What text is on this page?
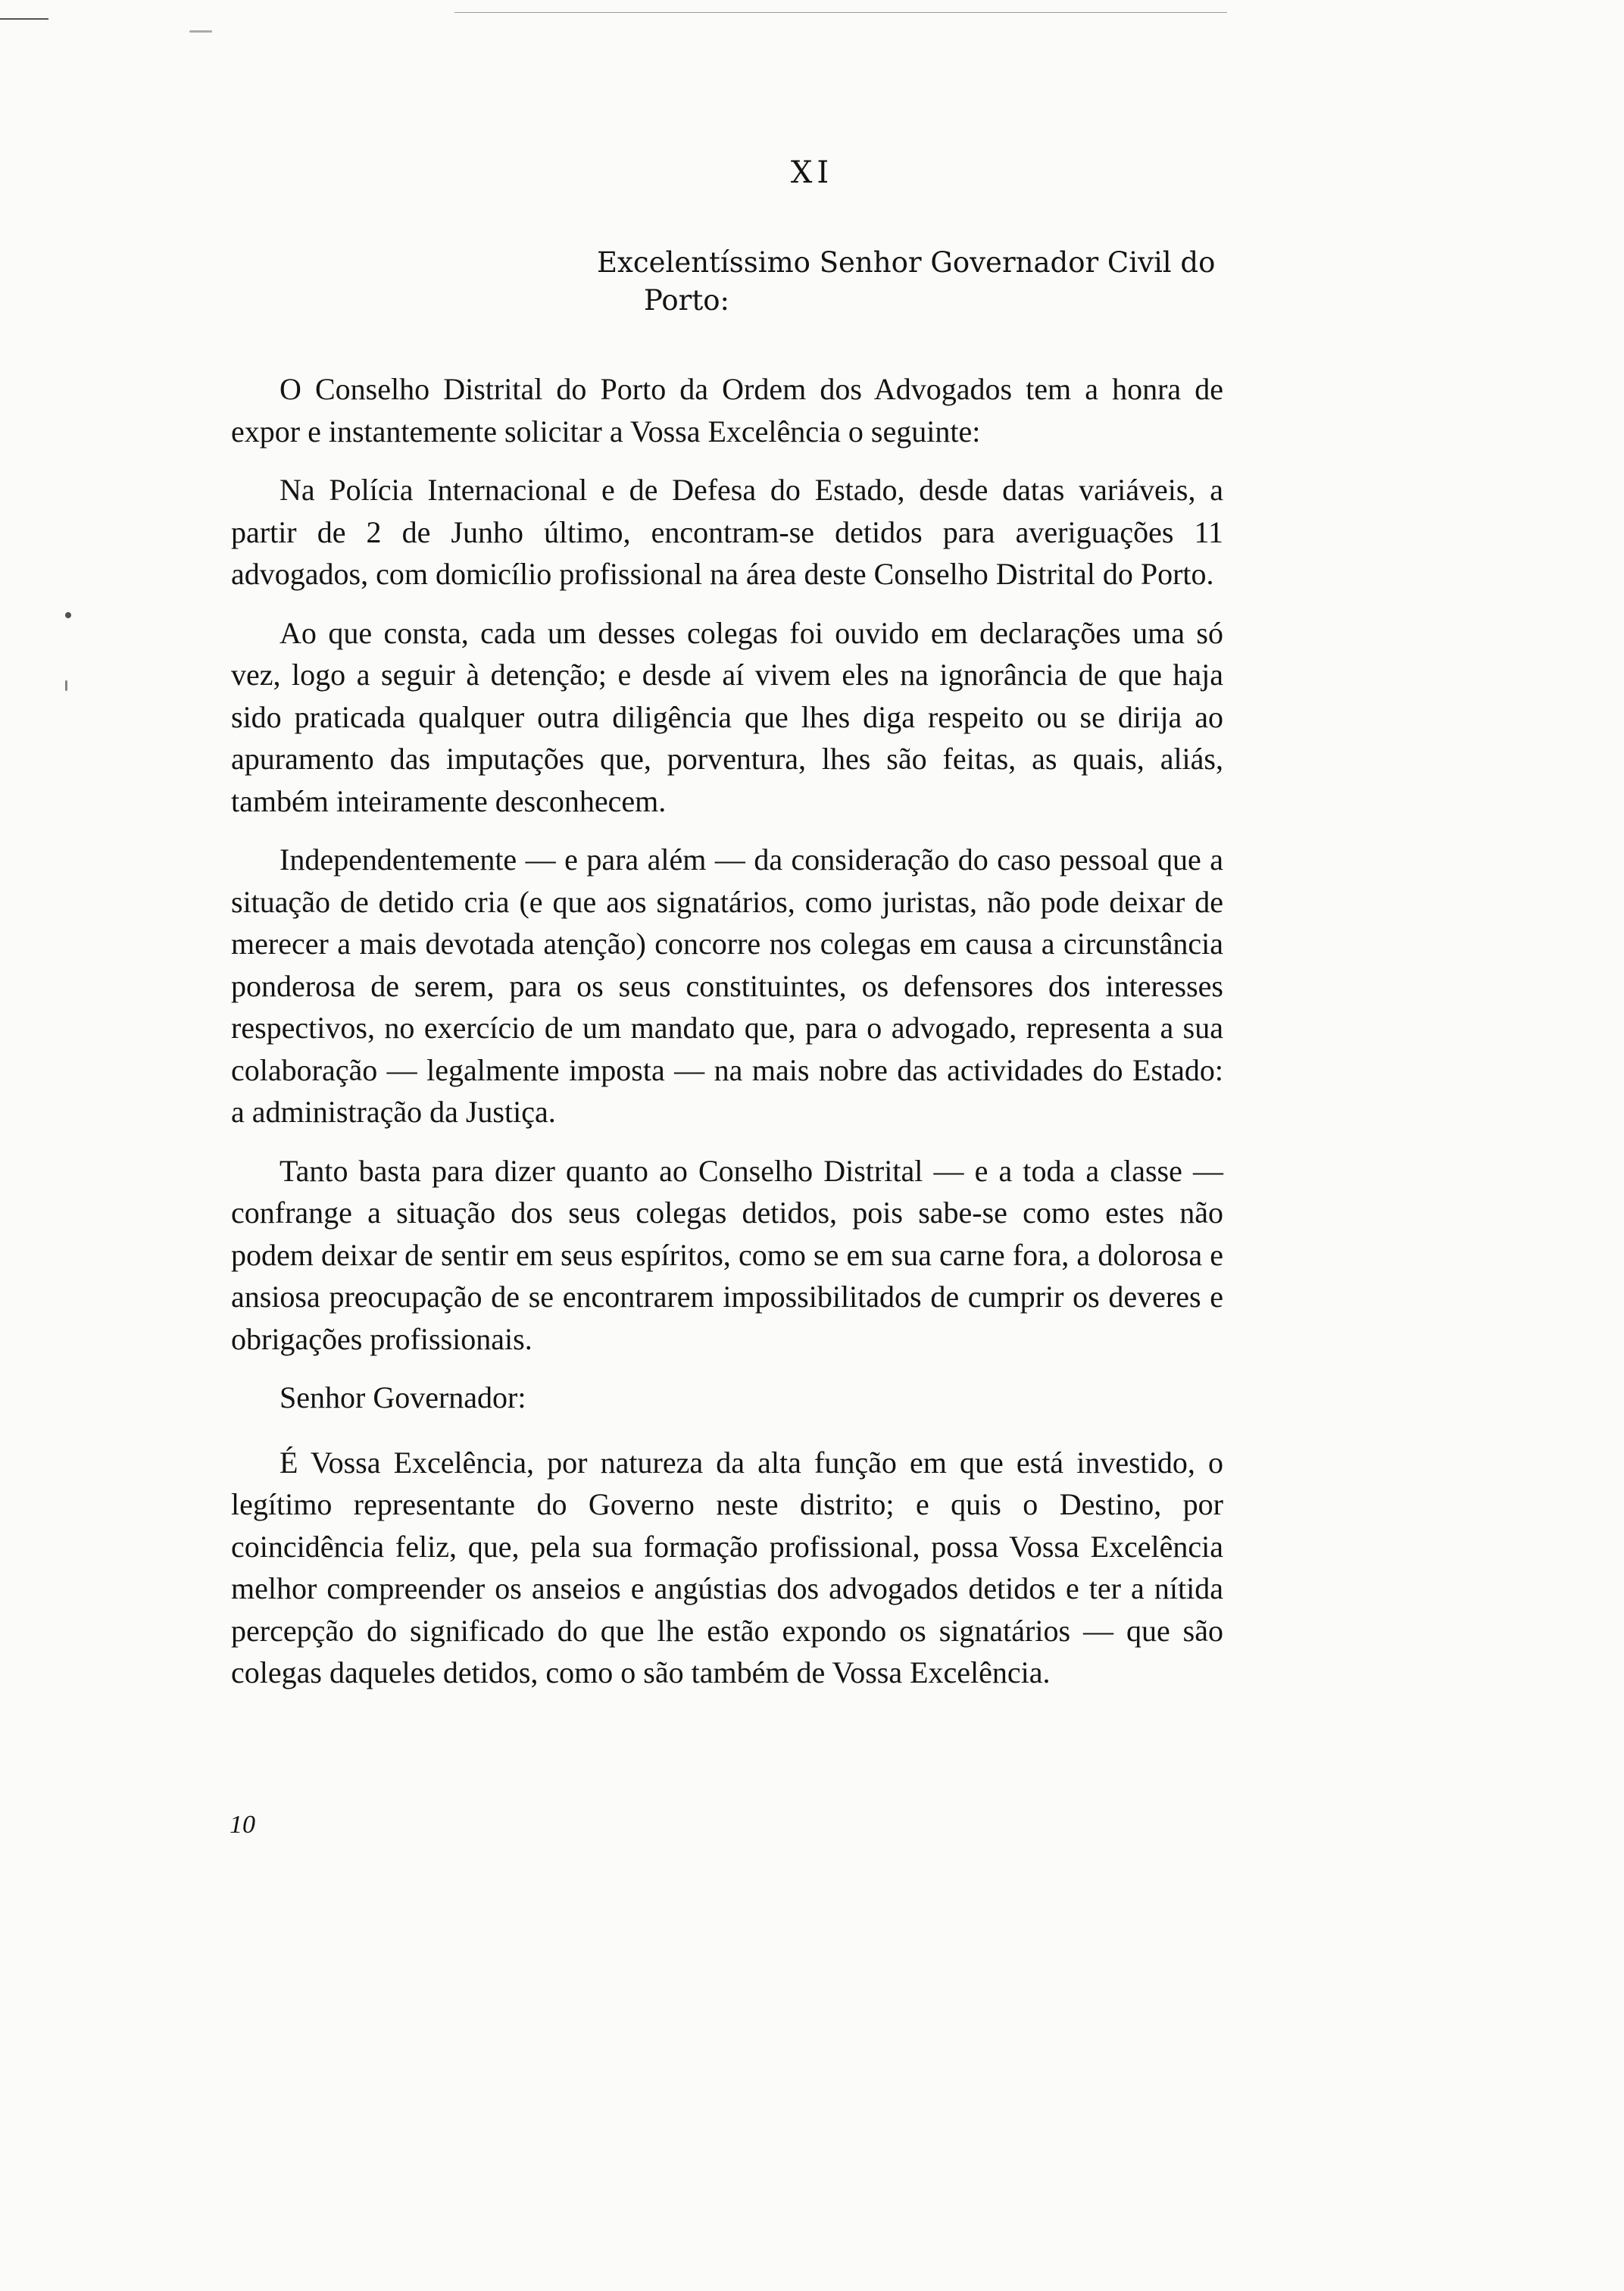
XI
Excelentíssimo Senhor Governador Civil do
Porto:

O Conselho Distrital do Porto da Ordem dos Advogados tem a honra de expor e instantemente solicitar a Vossa Excelência o seguinte:

Na Polícia Internacional e de Defesa do Estado, desde datas variáveis, a partir de 2 de Junho último, encontram-se detidos para averiguações 11 advogados, com domicílio profissional na área deste Conselho Distrital do Porto.

Ao que consta, cada um desses colegas foi ouvido em declarações uma só vez, logo a seguir à detenção; e desde aí vivem eles na ignorância de que haja sido praticada qualquer outra diligência que lhes diga respeito ou se dirija ao apuramento das imputações que, porventura, lhes são feitas, as quais, aliás, também inteiramente desconhecem.

Independentemente — e para além — da consideração do caso pessoal que a situação de detido cria (e que aos signatários, como juristas, não pode deixar de merecer a mais devotada atenção) concorre nos colegas em causa a circunstância ponderosa de serem, para os seus constituintes, os defensores dos interesses respectivos, no exercício de um mandato que, para o advogado, representa a sua colaboração — legalmente imposta — na mais nobre das actividades do Estado: a administração da Justiça.

Tanto basta para dizer quanto ao Conselho Distrital — e a toda a classe — confrange a situação dos seus colegas detidos, pois sabe-se como estes não podem deixar de sentir em seus espíritos, como se em sua carne fora, a dolorosa e ansiosa preocupação de se encontrarem impossibilitados de cumprir os deveres e obrigações profissionais.

Senhor Governador:

É Vossa Excelência, por natureza da alta função em que está investido, o legítimo representante do Governo neste distrito; e quis o Destino, por coincidência feliz, que, pela sua formação profissional, possa Vossa Excelência melhor compreender os anseios e angústias dos advogados detidos e ter a nítida percepção do significado do que lhe estão expondo os signatários — que são colegas daqueles detidos, como o são também de Vossa Excelência.

10
